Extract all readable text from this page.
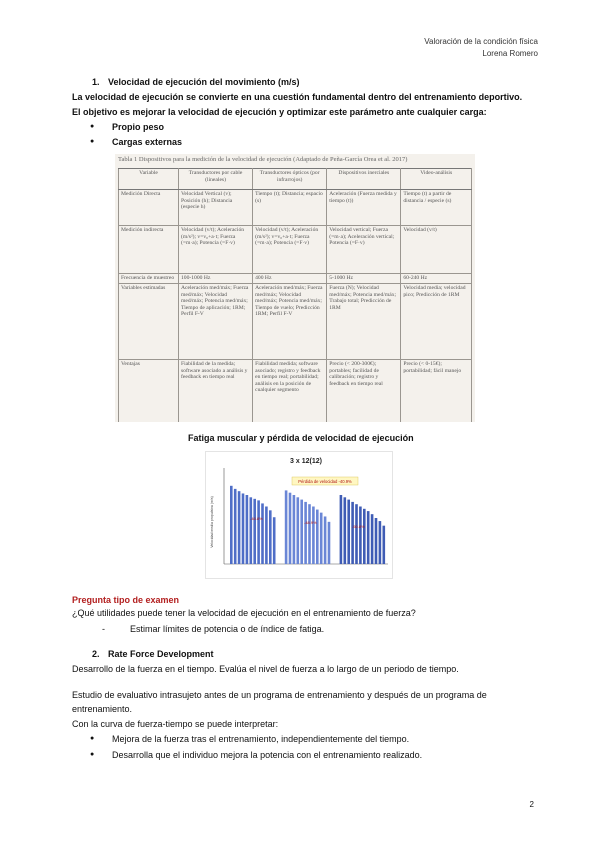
Valoración de la condición física
Lorena Romero
1. Velocidad de ejecución del movimiento (m/s)
La velocidad de ejecución se convierte en una cuestión fundamental dentro del entrenamiento deportivo.
El objetivo es mejorar la velocidad de ejecución y optimizar este parámetro ante cualquier carga:
● Propio peso
● Cargas externas
Tabla 1 Dispositivos para la medición de la velocidad de ejecución (Adaptado de Peña-García Orea et al. 2017)
Variable	Transductores por cable (lineales)	Transductores ópticos (por infrarrojos)	Dispositivos inerciales	Video-análisis
Medición Directa	Velocidad Vertical (v); Posición (h); Distancia (especie h)	Tiempo (t); Distancia; espacio (s)	Aceleración (Fuerza medida y tiempo (t))	Tiempo (t) a partir de distancia / especie (s)
Medición indirecta	Velocidad (v/t); Aceleración (m/s²); v=v₀+a·t; Fuerza (=m·a); Potencia (=F·v)	Velocidad (v/t); Aceleración (m/s²); v=v₀+a·t; Fuerza (=m·a); Potencia (=F·v)	Velocidad vertical; Fuerza (=m·a); Aceleración vertical; Potencia (=F·v)	Velocidad (v/t)
Frecuencia de muestreo	100-1000 Hz	400 Hz	5-1000 Hz	60-240 Hz
Variables estimadas	Aceleración med/máx; Fuerza med/máx; Velocidad med/máx; Potencia med/máx; Tiempo de aplicación; 1RM; Perfil F-V	Aceleración med/máx; Fuerza med/máx; Velocidad med/máx; Potencia med/máx; Tiempo de vuelo; Predicción 1RM; Perfil F-V	Fuerza (N); Velocidad med/máx; Potencia med/máx; Trabajo total; Predicción de 1RM	Velocidad media; velocidad pico; Predicción de 1RM
Ventajas	Fiabilidad de la medida; software asociado a análisis y feedback en tiempo real	Fiabilidad medida; software asociado; registro y feedback en tiempo real; portabilidad; análisis en la posición de cualquier segmento	Precio (< 200-300€); portables; facilidad de calibración; registro y feedback en tiempo real	Precio (< 0-15€); portabilidad; fácil manejo
Fatiga muscular y pérdida de velocidad de ejecución
3 x 12(12)
Velocidad media propulsiva (m/s)
Pérdida de velocidad -40.9%
-46.8%
-48.9%
-50.8%
Pregunta tipo de examen
¿Qué utilidades puede tener la velocidad de ejecución en el entrenamiento de fuerza?
- Estimar límites de potencia o de índice de fatiga.
2. Rate Force Development
Desarrollo de la fuerza en el tiempo. Evalúa el nivel de fuerza a lo largo de un periodo de tiempo.
Estudio de evaluativo intrasujeto antes de un programa de entrenamiento y después de un programa de
entrenamiento.
Con la curva de fuerza-tiempo se puede interpretar:
● Mejora de la fuerza tras el entrenamiento, independientemente del tiempo.
● Desarrolla que el individuo mejora la potencia con el entrenamiento realizado.
2
